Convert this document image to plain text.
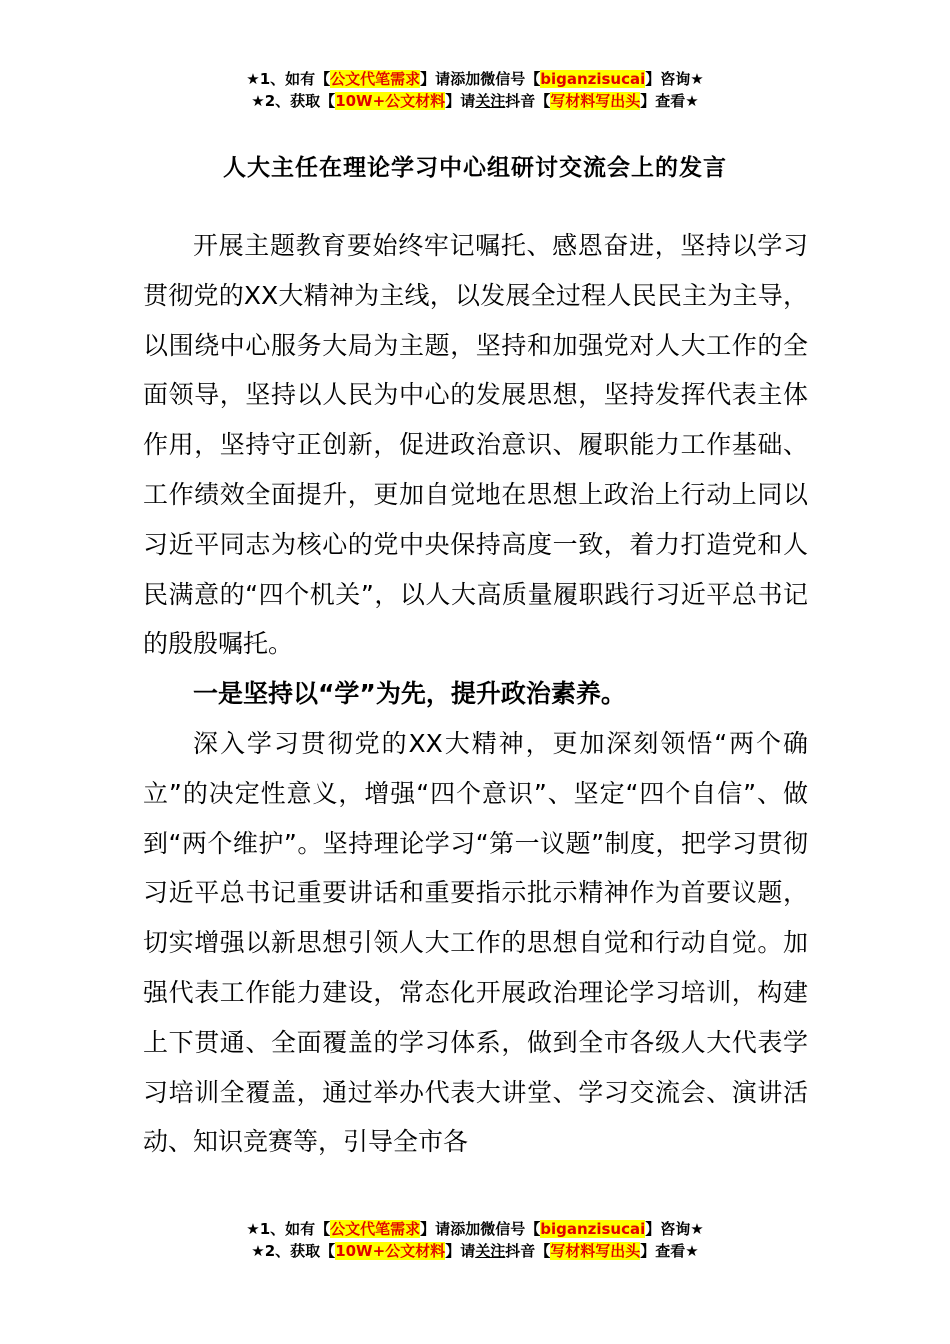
★1、如有【公文代笔需求】请添加微信号【biganzisucai】咨询★
★2、获取【10W+公文材料】请关注抖音【写材料写出头】查看★
人大主任在理论学习中心组研讨交流会上的发言

开展主题教育要始终牢记嘱托、感恩奋进，坚持以学习贯彻党的XX大精神为主线，以发展全过程人民民主为主导，以围绕中心服务大局为主题，坚持和加强党对人大工作的全面领导，坚持以人民为中心的发展思想，坚持发挥代表主体作用，坚持守正创新，促进政治意识、履职能力工作基础、工作绩效全面提升，更加自觉地在思想上政治上行动上同以习近平同志为核心的党中央保持高度一致，着力打造党和人民满意的“四个机关”，以人大高质量履职践行习近平总书记的殷殷嘱托。

一是坚持以“学”为先，提升政治素养。

深入学习贯彻党的XX大精神，更加深刻领悟“两个确立”的决定性意义，增强“四个意识”、坚定“四个自信”、做到“两个维护”。坚持理论学习“第一议题”制度，把学习贯彻习近平总书记重要讲话和重要指示批示精神作为首要议题，切实增强以新思想引领人大工作的思想自觉和行动自觉。加强代表工作能力建设，常态化开展政治理论学习培训，构建上下贯通、全面覆盖的学习体系，做到全市各级人大代表学习培训全覆盖，通过举办代表大讲堂、学习交流会、演讲活动、知识竞赛等，引导全市各

★1、如有【公文代笔需求】请添加微信号【biganzisucai】咨询★
★2、获取【10W+公文材料】请关注抖音【写材料写出头】查看★
